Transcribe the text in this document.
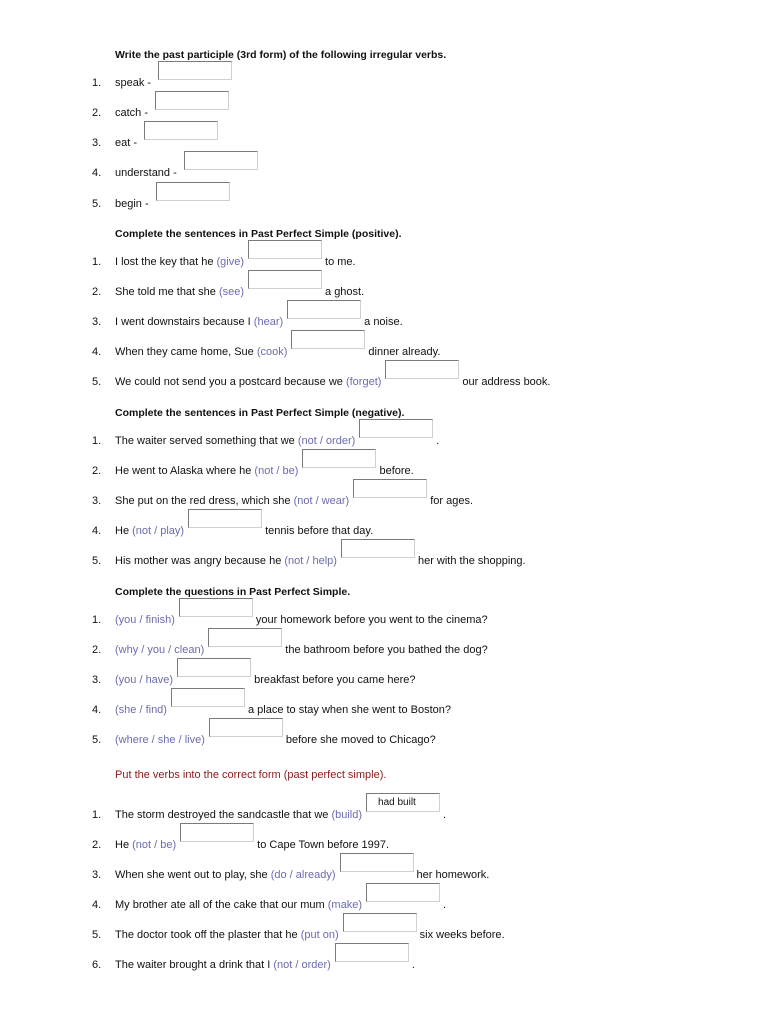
Write the past participle (3rd form) of the following irregular verbs.
1.	speak -
2.	catch -
3.	eat -
4.	understand -
5.	begin -
Complete the sentences in Past Perfect Simple (positive).
1.	I lost the key that he (give)	to me.
2.	She told me that she (see)	a ghost.
3.	I went downstairs because I (hear)	a noise.
4.	When they came home, Sue (cook)	dinner already.
5.	We could not send you a postcard because we (forget)	our address book.
Complete the sentences in Past Perfect Simple (negative).
1.	The waiter served something that we (not / order)	.
2.	He went to Alaska where he (not / be)	before.
3.	She put on the red dress, which she (not / wear)	for ages.
4.	He (not / play)	tennis before that day.
5.	His mother was angry because he (not / help)	her with the shopping.
Complete the questions in Past Perfect Simple.
1.	(you / finish)	your homework before you went to the cinema?
2.	(why / you / clean)	the bathroom before you bathed the dog?
3.	(you / have)	breakfast before you came here?
4.	(she / find)	a place to stay when she went to Boston?
5.	(where / she / live)	before she moved to Chicago?
Put the verbs into the correct form (past perfect simple).
1.	The storm destroyed the sandcastle that we (build)
had built
.
2.	He (not / be)	to Cape Town before 1997.
3.	When she went out to play, she (do / already)	her homework.
4.	My brother ate all of the cake that our mum (make)	.
5.	The doctor took off the plaster that he (put on)	six weeks before.
6.	The waiter brought a drink that I (not / order)	.
